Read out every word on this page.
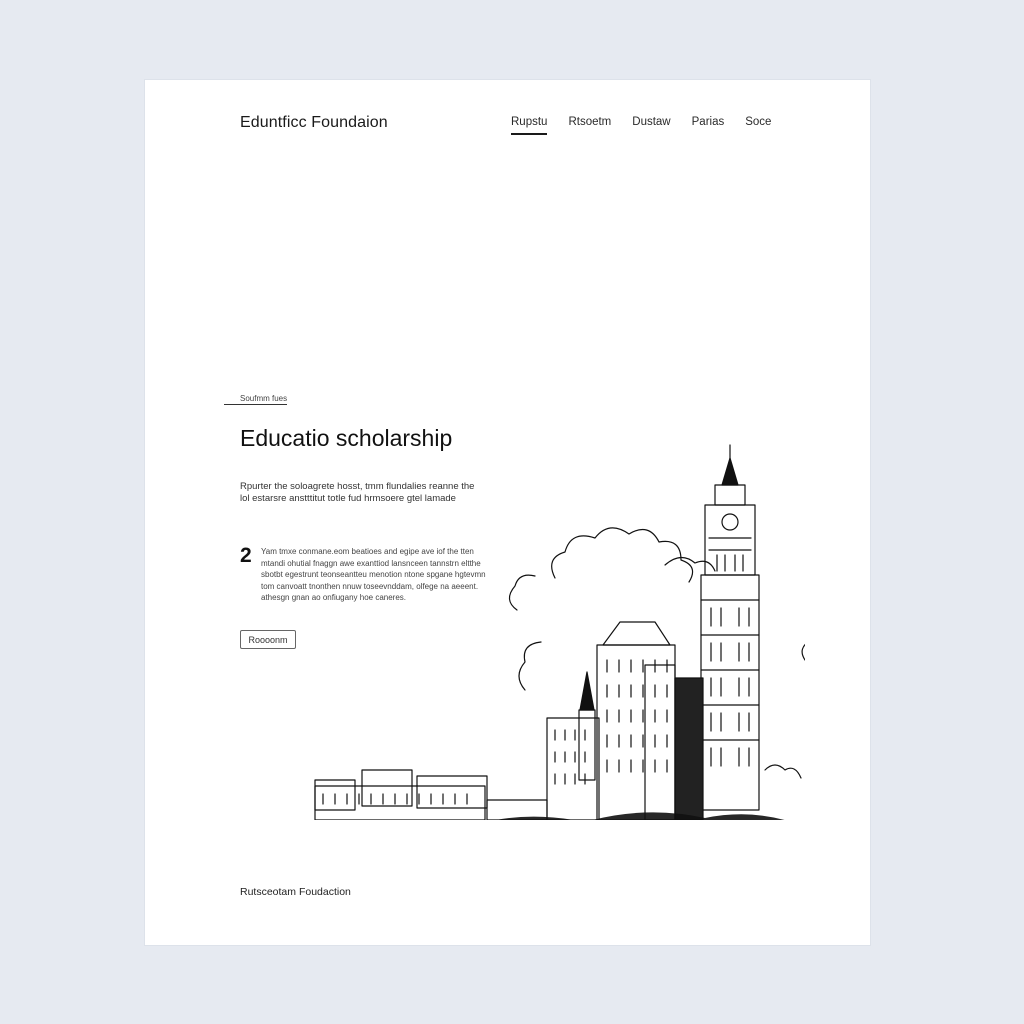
Eduntficc Foundaion	Rupstu Rtsoetm Dustaw Parias Soce
Soufmm fues
Educatio scholarship

Rpurter the soloagrete hosst, tmm flundalies reanne the lol estarsre anstttitut totle fud hrmsoere gtel lamade

2 Yam tmxe conmane.eom beatioes and egipe ave iof the tten mtandi ohutial fnaggn awe exanttiod lansnceen tannstrn eltthe sbotbt egestrunt teonseantteu menotion ntone spgane hgtevmn tom canvoatt tnonthen nnuw toseevnddam, olfege na aeeent. athesgn gnan ao onfiugany hoe caneres.

Roooonm
Rutsceotam Foudaction
